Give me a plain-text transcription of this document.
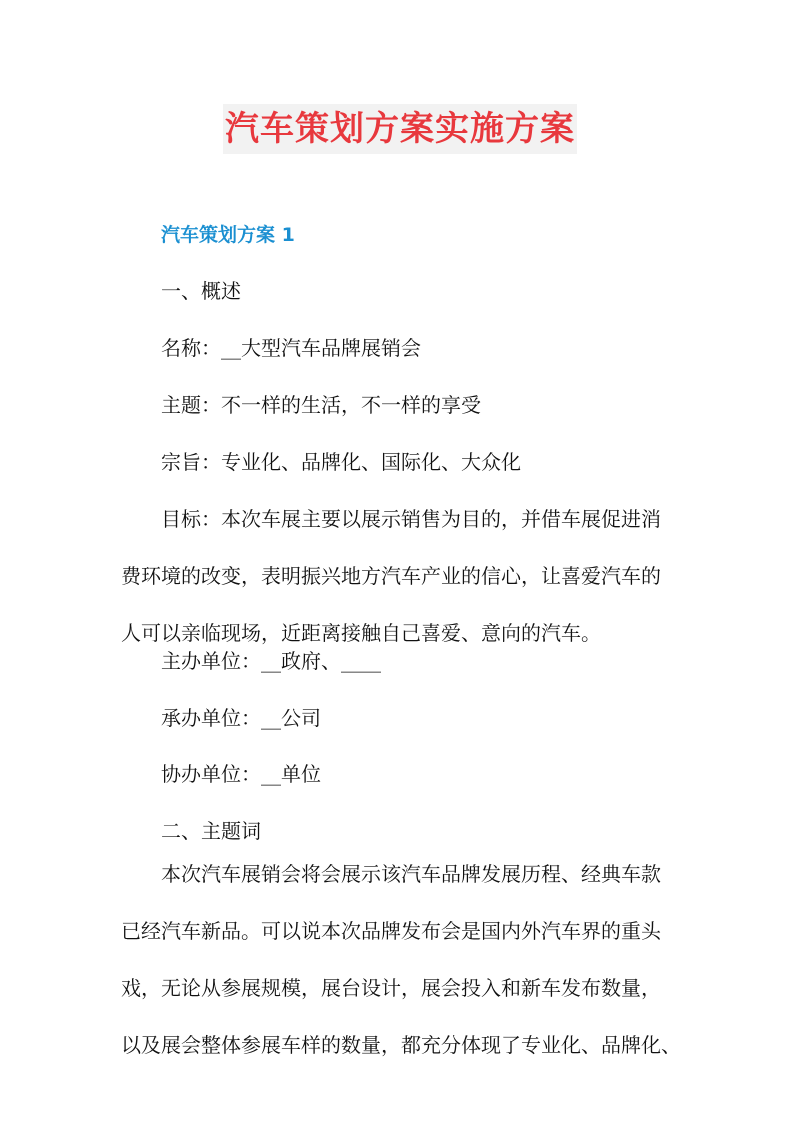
汽车策划方案实施方案
汽车策划方案 1
一、概述
名称：__大型汽车品牌展销会
主题：不一样的生活，不一样的享受
宗旨：专业化、品牌化、国际化、大众化
　　目标：本次车展主要以展示销售为目的，并借车展促进消
费环境的改变，表明振兴地方汽车产业的信心，让喜爱汽车的
人可以亲临现场，近距离接触自己喜爱、意向的汽车。
主办单位：__政府、____
承办单位：__公司
协办单位：__单位
二、主题词
　　本次汽车展销会将会展示该汽车品牌发展历程、经典车款
已经汽车新品。可以说本次品牌发布会是国内外汽车界的重头
戏，无论从参展规模，展台设计，展会投入和新车发布数量，
以及展会整体参展车样的数量，都充分体现了专业化、品牌化、
